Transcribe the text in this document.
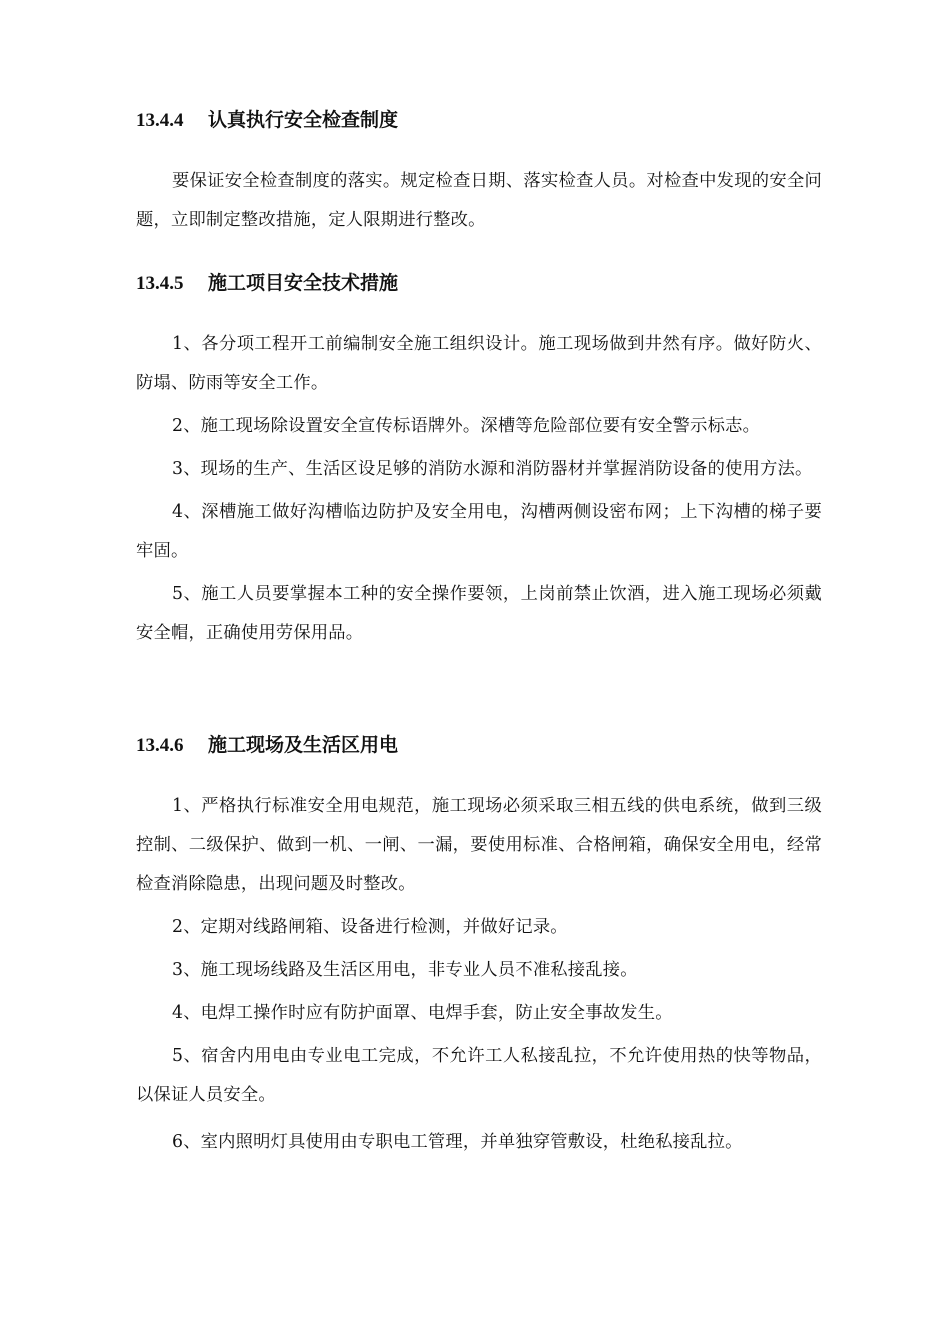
13.4.4 认真执行安全检查制度

要保证安全检查制度的落实。规定检查日期、落实检查人员。对检查中发现的安全问题，立即制定整改措施，定人限期进行整改。

13.4.5 施工项目安全技术措施

1、各分项工程开工前编制安全施工组织设计。施工现场做到井然有序。做好防火、防塌、防雨等安全工作。

2、施工现场除设置安全宣传标语牌外。深槽等危险部位要有安全警示标志。

3、现场的生产、生活区设足够的消防水源和消防器材并掌握消防设备的使用方法。

4、深槽施工做好沟槽临边防护及安全用电，沟槽两侧设密布网；上下沟槽的梯子要牢固。

5、施工人员要掌握本工种的安全操作要领，上岗前禁止饮酒，进入施工现场必须戴安全帽，正确使用劳保用品。

13.4.6 施工现场及生活区用电

1、严格执行标准安全用电规范，施工现场必须采取三相五线的供电系统，做到三级控制、二级保护、做到一机、一闸、一漏，要使用标准、合格闸箱，确保安全用电，经常检查消除隐患，出现问题及时整改。

2、定期对线路闸箱、设备进行检测，并做好记录。

3、施工现场线路及生活区用电，非专业人员不准私接乱接。

4、电焊工操作时应有防护面罩、电焊手套，防止安全事故发生。

5、宿舍内用电由专业电工完成，不允许工人私接乱拉，不允许使用热的快等物品，以保证人员安全。

6、室内照明灯具使用由专职电工管理，并单独穿管敷设，杜绝私接乱拉。
